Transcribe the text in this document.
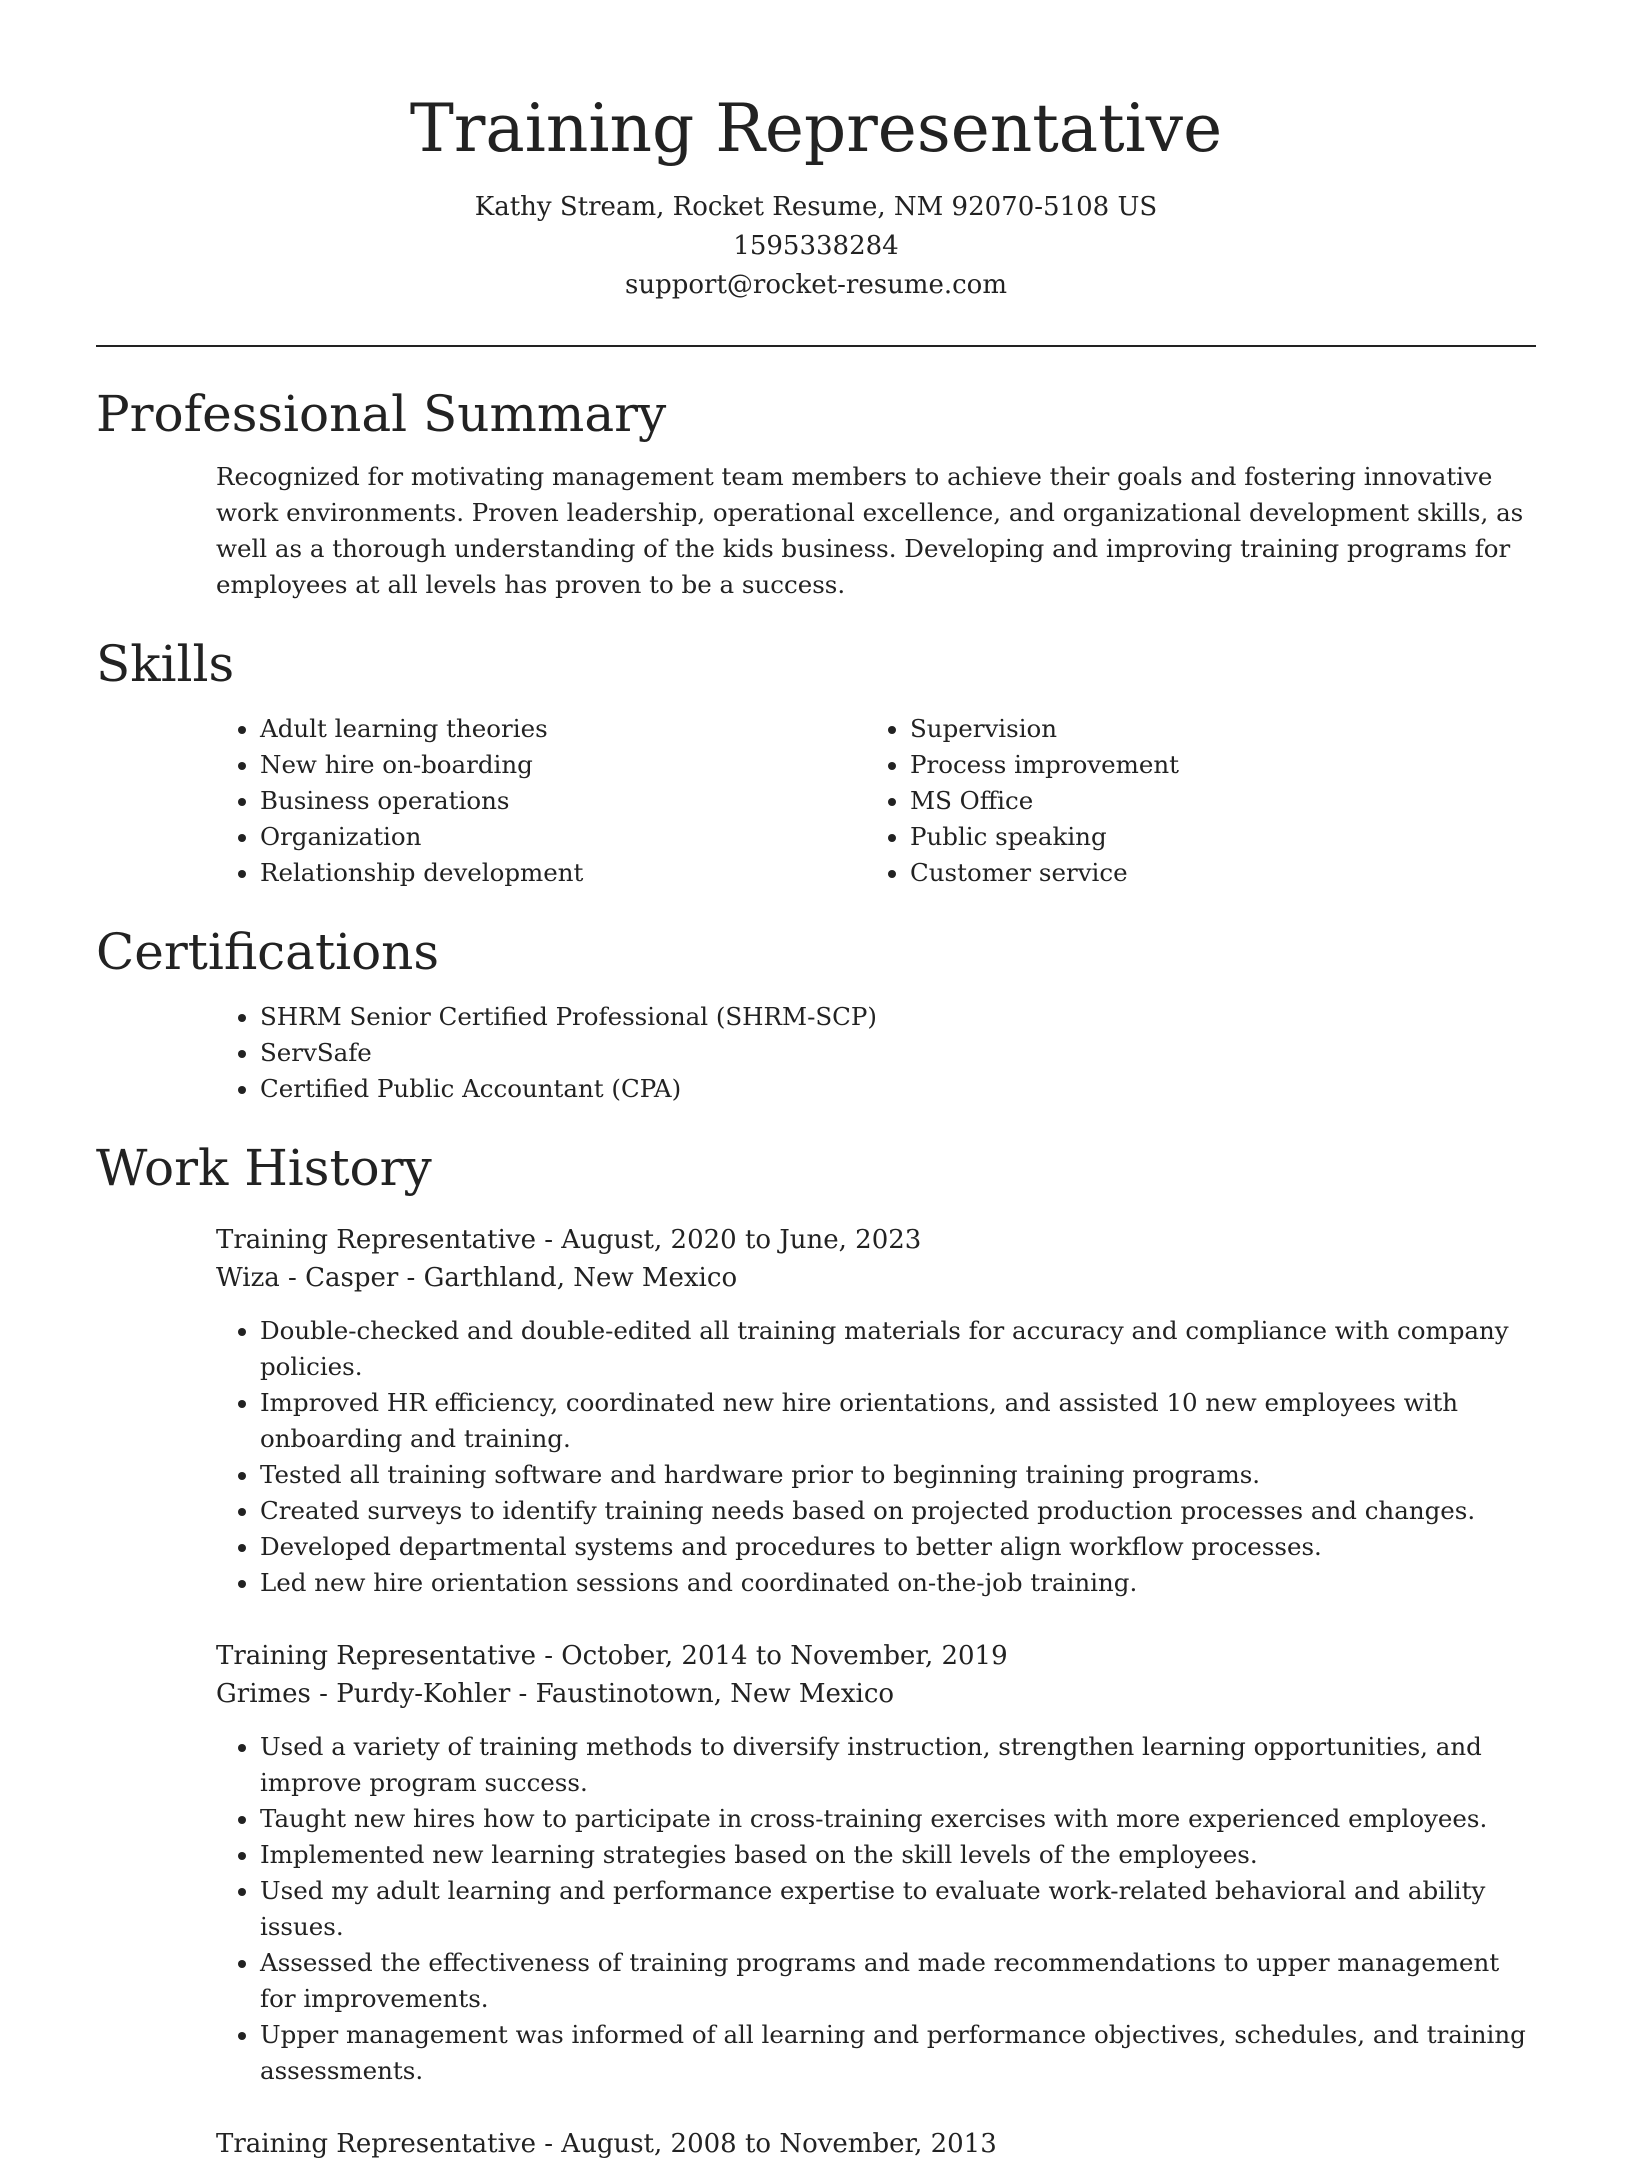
Training Representative
Kathy Stream, Rocket Resume, NM 92070-5108 US
1595338284
support@rocket-resume.com
Professional Summary
Recognized for motivating management team members to achieve their goals and fostering innovative work environments. Proven leadership, operational excellence, and organizational development skills, as well as a thorough understanding of the kids business. Developing and improving training programs for employees at all levels has proven to be a success.
Skills
• Adult learning theories
• New hire on-boarding
• Business operations
• Organization
• Relationship development
• Supervision
• Process improvement
• MS Office
• Public speaking
• Customer service
Certifications
• SHRM Senior Certified Professional (SHRM-SCP)
• ServSafe
• Certified Public Accountant (CPA)
Work History
Training Representative - August, 2020 to June, 2023
Wiza - Casper - Garthland, New Mexico
• Double-checked and double-edited all training materials for accuracy and compliance with company policies.
• Improved HR efficiency, coordinated new hire orientations, and assisted 10 new employees with onboarding and training.
• Tested all training software and hardware prior to beginning training programs.
• Created surveys to identify training needs based on projected production processes and changes.
• Developed departmental systems and procedures to better align workflow processes.
• Led new hire orientation sessions and coordinated on-the-job training.
Training Representative - October, 2014 to November, 2019
Grimes - Purdy-Kohler - Faustinotown, New Mexico
• Used a variety of training methods to diversify instruction, strengthen learning opportunities, and improve program success.
• Taught new hires how to participate in cross-training exercises with more experienced employees.
• Implemented new learning strategies based on the skill levels of the employees.
• Used my adult learning and performance expertise to evaluate work-related behavioral and ability issues.
• Assessed the effectiveness of training programs and made recommendations to upper management for improvements.
• Upper management was informed of all learning and performance objectives, schedules, and training assessments.
Training Representative - August, 2008 to November, 2013
